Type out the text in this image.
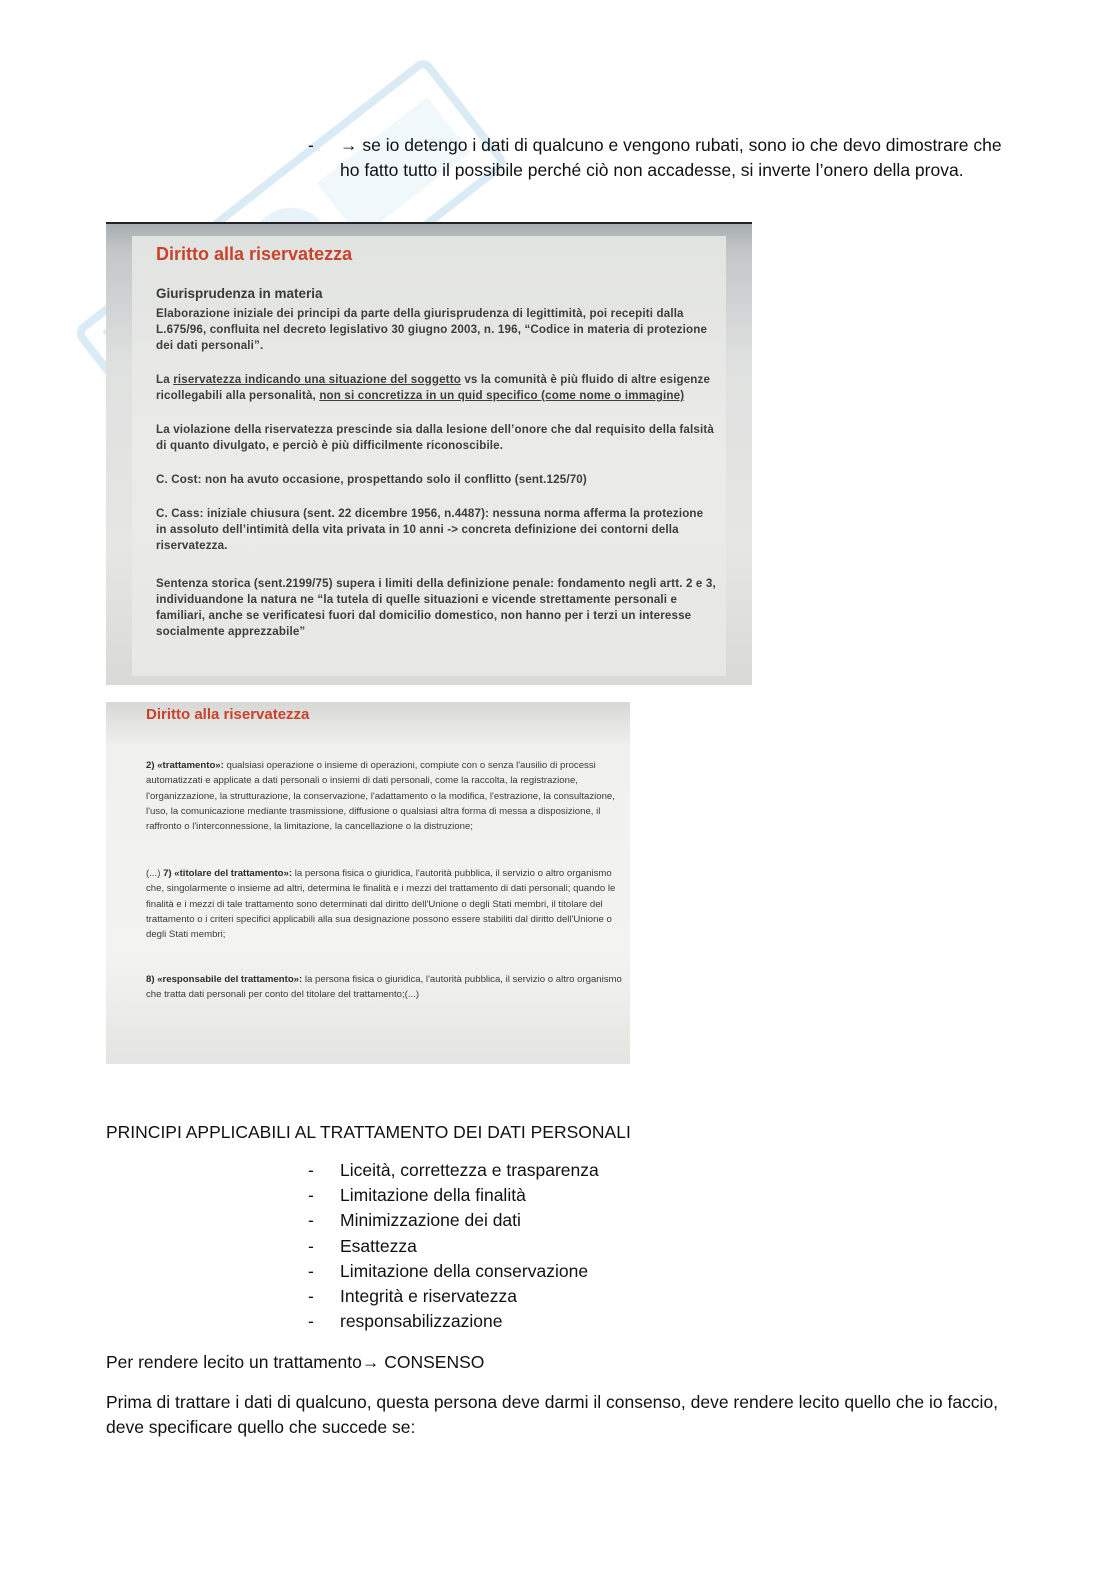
- → se io detengo i dati di qualcuno e vengono rubati, sono io che devo dimostrare che ho fatto tutto il possibile perché ciò non accadesse, si inverte l’onero della prova.
Diritto alla riservatezza
Giurisprudenza in materia
Elaborazione iniziale dei principi da parte della giurisprudenza di legittimità, poi recepiti dalla L.675/96, confluita nel decreto legislativo 30 giugno 2003, n. 196, “Codice in materia di protezione dei dati personali”.
La riservatezza indicando una situazione del soggetto vs la comunità è più fluido di altre esigenze ricollegabili alla personalità, non si concretizza in un quid specifico (come nome o immagine)
La violazione della riservatezza prescinde sia dalla lesione dell’onore che dal requisito della falsità di quanto divulgato, e perciò è più difficilmente riconoscibile.
C. Cost: non ha avuto occasione, prospettando solo il conflitto (sent.125/70)
C. Cass: iniziale chiusura (sent. 22 dicembre 1956, n.4487): nessuna norma afferma la protezione in assoluto dell’intimità della vita privata in 10 anni -> concreta definizione dei contorni della riservatezza.
Sentenza storica (sent.2199/75) supera i limiti della definizione penale: fondamento negli artt. 2 e 3, individuandone la natura ne “la tutela di quelle situazioni e vicende strettamente personali e familiari, anche se verificatesi fuori dal domicilio domestico, non hanno per i terzi un interesse socialmente apprezzabile”
Diritto alla riservatezza
2) «trattamento»: qualsiasi operazione o insieme di operazioni, compiute con o senza l'ausilio di processi automatizzati e applicate a dati personali o insiemi di dati personali, come la raccolta, la registrazione, l'organizzazione, la strutturazione, la conservazione, l'adattamento o la modifica, l'estrazione, la consultazione, l'uso, la comunicazione mediante trasmissione, diffusione o qualsiasi altra forma di messa a disposizione, il raffronto o l'interconnessione, la limitazione, la cancellazione o la distruzione;
(...) 7) «titolare del trattamento»: la persona fisica o giuridica, l'autorità pubblica, il servizio o altro organismo che, singolarmente o insieme ad altri, determina le finalità e i mezzi del trattamento di dati personali; quando le finalità e i mezzi di tale trattamento sono determinati dal diritto dell'Unione o degli Stati membri, il titolare del trattamento o i criteri specifici applicabili alla sua designazione possono essere stabiliti dal diritto dell'Unione o degli Stati membri;
8) «responsabile del trattamento»: la persona fisica o giuridica, l'autorità pubblica, il servizio o altro organismo che tratta dati personali per conto del titolare del trattamento;(...)
PRINCIPI APPLICABILI AL TRATTAMENTO DEI DATI PERSONALI
- Liceità, correttezza e trasparenza
- Limitazione della finalità
- Minimizzazione dei dati
- Esattezza
- Limitazione della conservazione
- Integrità e riservatezza
- responsabilizzazione
Per rendere lecito un trattamento→ CONSENSO
Prima di trattare i dati di qualcuno, questa persona deve darmi il consenso, deve rendere lecito quello che io faccio, deve specificare quello che succede se:
